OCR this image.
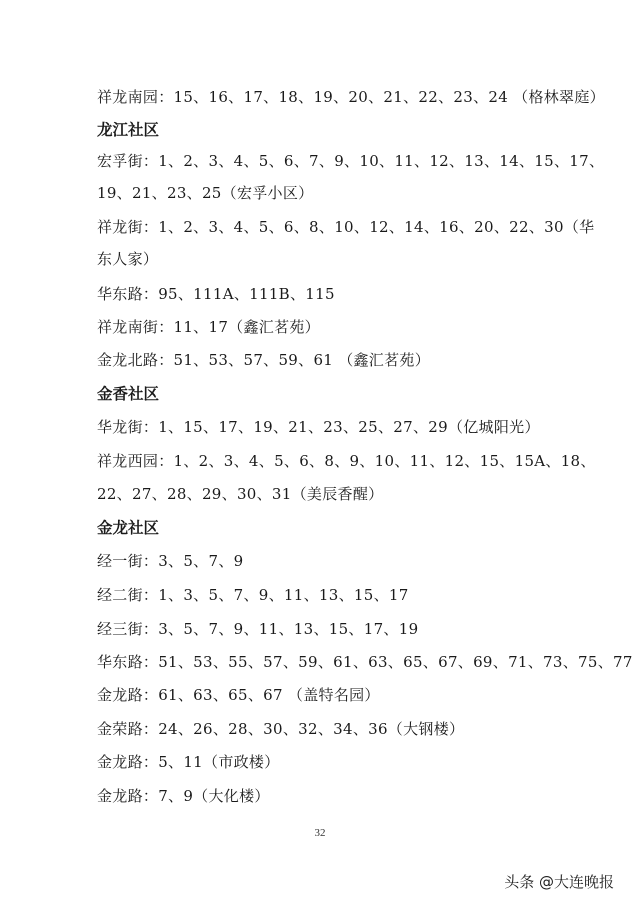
祥龙南园：15、16、17、18、19、20、21、22、23、24 （格林翠庭）
龙江社区
宏孚街：1、2、3、4、5、6、7、9、10、11、12、13、14、15、17、
19、21、23、25（宏孚小区）
祥龙街：1、2、3、4、5、6、8、10、12、14、16、20、22、30（华
东人家）
华东路：95、111A、111B、115
祥龙南街：11、17（鑫汇茗苑）
金龙北路：51、53、57、59、61 （鑫汇茗苑）
金香社区
华龙街：1、15、17、19、21、23、25、27、29（亿城阳光）
祥龙西园：1、2、3、4、5、6、8、9、10、11、12、15、15A、18、
22、27、28、29、30、31（美辰香醒）
金龙社区
经一街：3、5、7、9
经二街：1、3、5、7、9、11、13、15、17
经三街：3、5、7、9、11、13、15、17、19
华东路：51、53、55、57、59、61、63、65、67、69、71、73、75、77
金龙路：61、63、65、67 （盖特名园）
金荣路：24、26、28、30、32、34、36（大钢楼）
金龙路：5、11（市政楼）
金龙路：7、9（大化楼）
32
头条 @大连晚报
